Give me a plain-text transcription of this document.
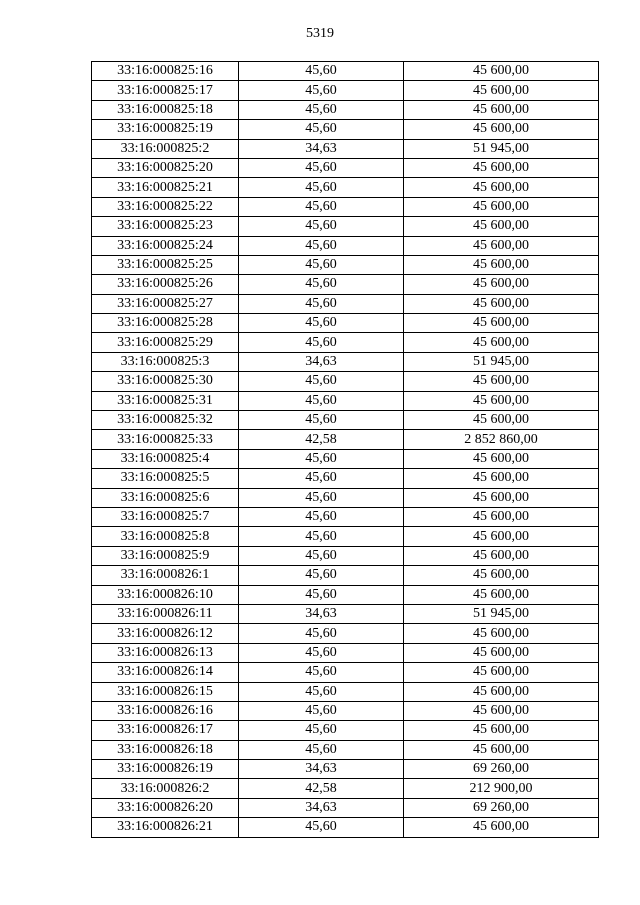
5319
33:16:000825:16	45,60	45 600,00
33:16:000825:17	45,60	45 600,00
33:16:000825:18	45,60	45 600,00
33:16:000825:19	45,60	45 600,00
33:16:000825:2	34,63	51 945,00
33:16:000825:20	45,60	45 600,00
33:16:000825:21	45,60	45 600,00
33:16:000825:22	45,60	45 600,00
33:16:000825:23	45,60	45 600,00
33:16:000825:24	45,60	45 600,00
33:16:000825:25	45,60	45 600,00
33:16:000825:26	45,60	45 600,00
33:16:000825:27	45,60	45 600,00
33:16:000825:28	45,60	45 600,00
33:16:000825:29	45,60	45 600,00
33:16:000825:3	34,63	51 945,00
33:16:000825:30	45,60	45 600,00
33:16:000825:31	45,60	45 600,00
33:16:000825:32	45,60	45 600,00
33:16:000825:33	42,58	2 852 860,00
33:16:000825:4	45,60	45 600,00
33:16:000825:5	45,60	45 600,00
33:16:000825:6	45,60	45 600,00
33:16:000825:7	45,60	45 600,00
33:16:000825:8	45,60	45 600,00
33:16:000825:9	45,60	45 600,00
33:16:000826:1	45,60	45 600,00
33:16:000826:10	45,60	45 600,00
33:16:000826:11	34,63	51 945,00
33:16:000826:12	45,60	45 600,00
33:16:000826:13	45,60	45 600,00
33:16:000826:14	45,60	45 600,00
33:16:000826:15	45,60	45 600,00
33:16:000826:16	45,60	45 600,00
33:16:000826:17	45,60	45 600,00
33:16:000826:18	45,60	45 600,00
33:16:000826:19	34,63	69 260,00
33:16:000826:2	42,58	212 900,00
33:16:000826:20	34,63	69 260,00
33:16:000826:21	45,60	45 600,00
